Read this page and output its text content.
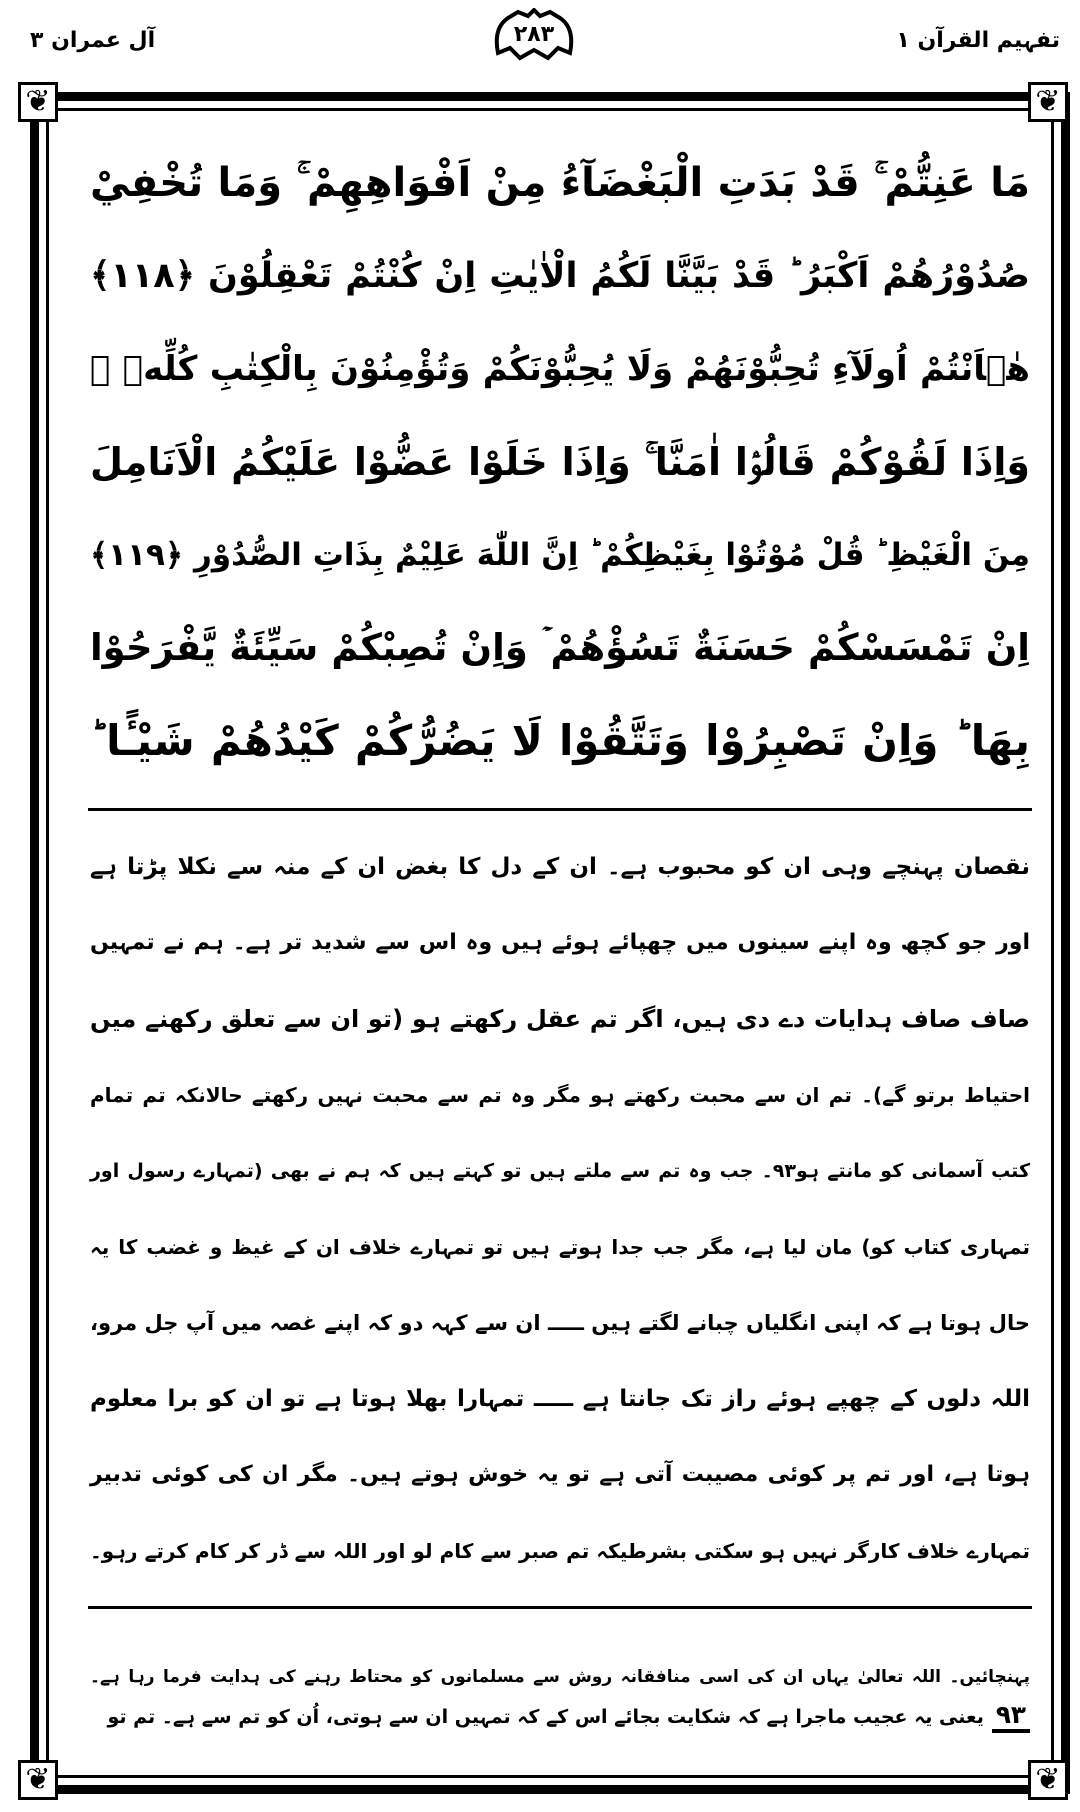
آل عمران ۳	تفہیم القرآن ۱
۲۸۳
❦	❦
❦	❦
مَا عَنِتُّمْ ۚ قَدْ بَدَتِ الْبَغْضَآءُ مِنْ اَفْوَاهِهِمْ ۚ وَمَا تُخْفِيْ
صُدُوْرُهُمْ اَكْبَرُ ؕ قَدْ بَيَّنَّا لَكُمُ الْاٰيٰتِ اِنْ كُنْتُمْ تَعْقِلُوْنَ ﴿١١٨﴾
هٰۤاَنْتُمْ اُولَآءِ تُحِبُّوْنَهُمْ وَلَا يُحِبُّوْنَكُمْ وَتُؤْمِنُوْنَ بِالْكِتٰبِ كُلِّهٖ ۚ
وَاِذَا لَقُوْكُمْ قَالُوْۤا اٰمَنَّا ۚ وَاِذَا خَلَوْا عَضُّوْا عَلَيْكُمُ الْاَنَامِلَ
مِنَ الْغَيْظِ ؕ قُلْ مُوْتُوْا بِغَيْظِكُمْ ؕ اِنَّ اللّٰهَ عَلِيْمٌ بِذَاتِ الصُّدُوْرِ ﴿١١٩﴾
اِنْ تَمْسَسْكُمْ حَسَنَةٌ تَسُؤْهُمْ ۡ وَاِنْ تُصِبْكُمْ سَيِّئَةٌ يَّفْرَحُوْا
بِهَا ؕ وَاِنْ تَصْبِرُوْا وَتَتَّقُوْا لَا يَضُرُّكُمْ كَيْدُهُمْ شَيْـًٔا ؕ
نقصان پہنچے وہی ان کو محبوب ہے۔ ان کے دل کا بغض ان کے منہ سے نکلا پڑتا ہے
اور جو کچھ وہ اپنے سینوں میں چھپائے ہوئے ہیں وہ اس سے شدید تر ہے۔ ہم نے تمہیں
صاف صاف ہدایات دے دی ہیں، اگر تم عقل رکھتے ہو (تو ان سے تعلق رکھنے میں
احتیاط برتو گے)۔ تم ان سے محبت رکھتے ہو مگر وہ تم سے محبت نہیں رکھتے حالانکہ تم تمام
کتب آسمانی کو مانتے ہو۹۳۔ جب وہ تم سے ملتے ہیں تو کہتے ہیں کہ ہم نے بھی (تمہارے رسول اور
تمہاری کتاب کو) مان لیا ہے، مگر جب جدا ہوتے ہیں تو تمہارے خلاف ان کے غیظ و غضب کا یہ
حال ہوتا ہے کہ اپنی انگلیاں چبانے لگتے ہیں ـــــ ان سے کہہ دو کہ اپنے غصہ میں آپ جل مرو،
اللہ دلوں کے چھپے ہوئے راز تک جانتا ہے ـــــ تمہارا بھلا ہوتا ہے تو ان کو برا معلوم
ہوتا ہے، اور تم پر کوئی مصیبت آتی ہے تو یہ خوش ہوتے ہیں۔ مگر ان کی کوئی تدبیر
تمہارے خلاف کارگر نہیں ہو سکتی بشرطیکہ تم صبر سے کام لو اور اللہ سے ڈر کر کام کرتے رہو۔
پہنچائیں۔ اللہ تعالیٰ یہاں ان کی اسی منافقانہ روش سے مسلمانوں کو محتاط رہنے کی ہدایت فرما رہا ہے۔
۹۳یعنی یہ عجیب ماجرا ہے کہ شکایت بجائے اس کے کہ تمہیں ان سے ہوتی، اُن کو تم سے ہے۔ تم تو
